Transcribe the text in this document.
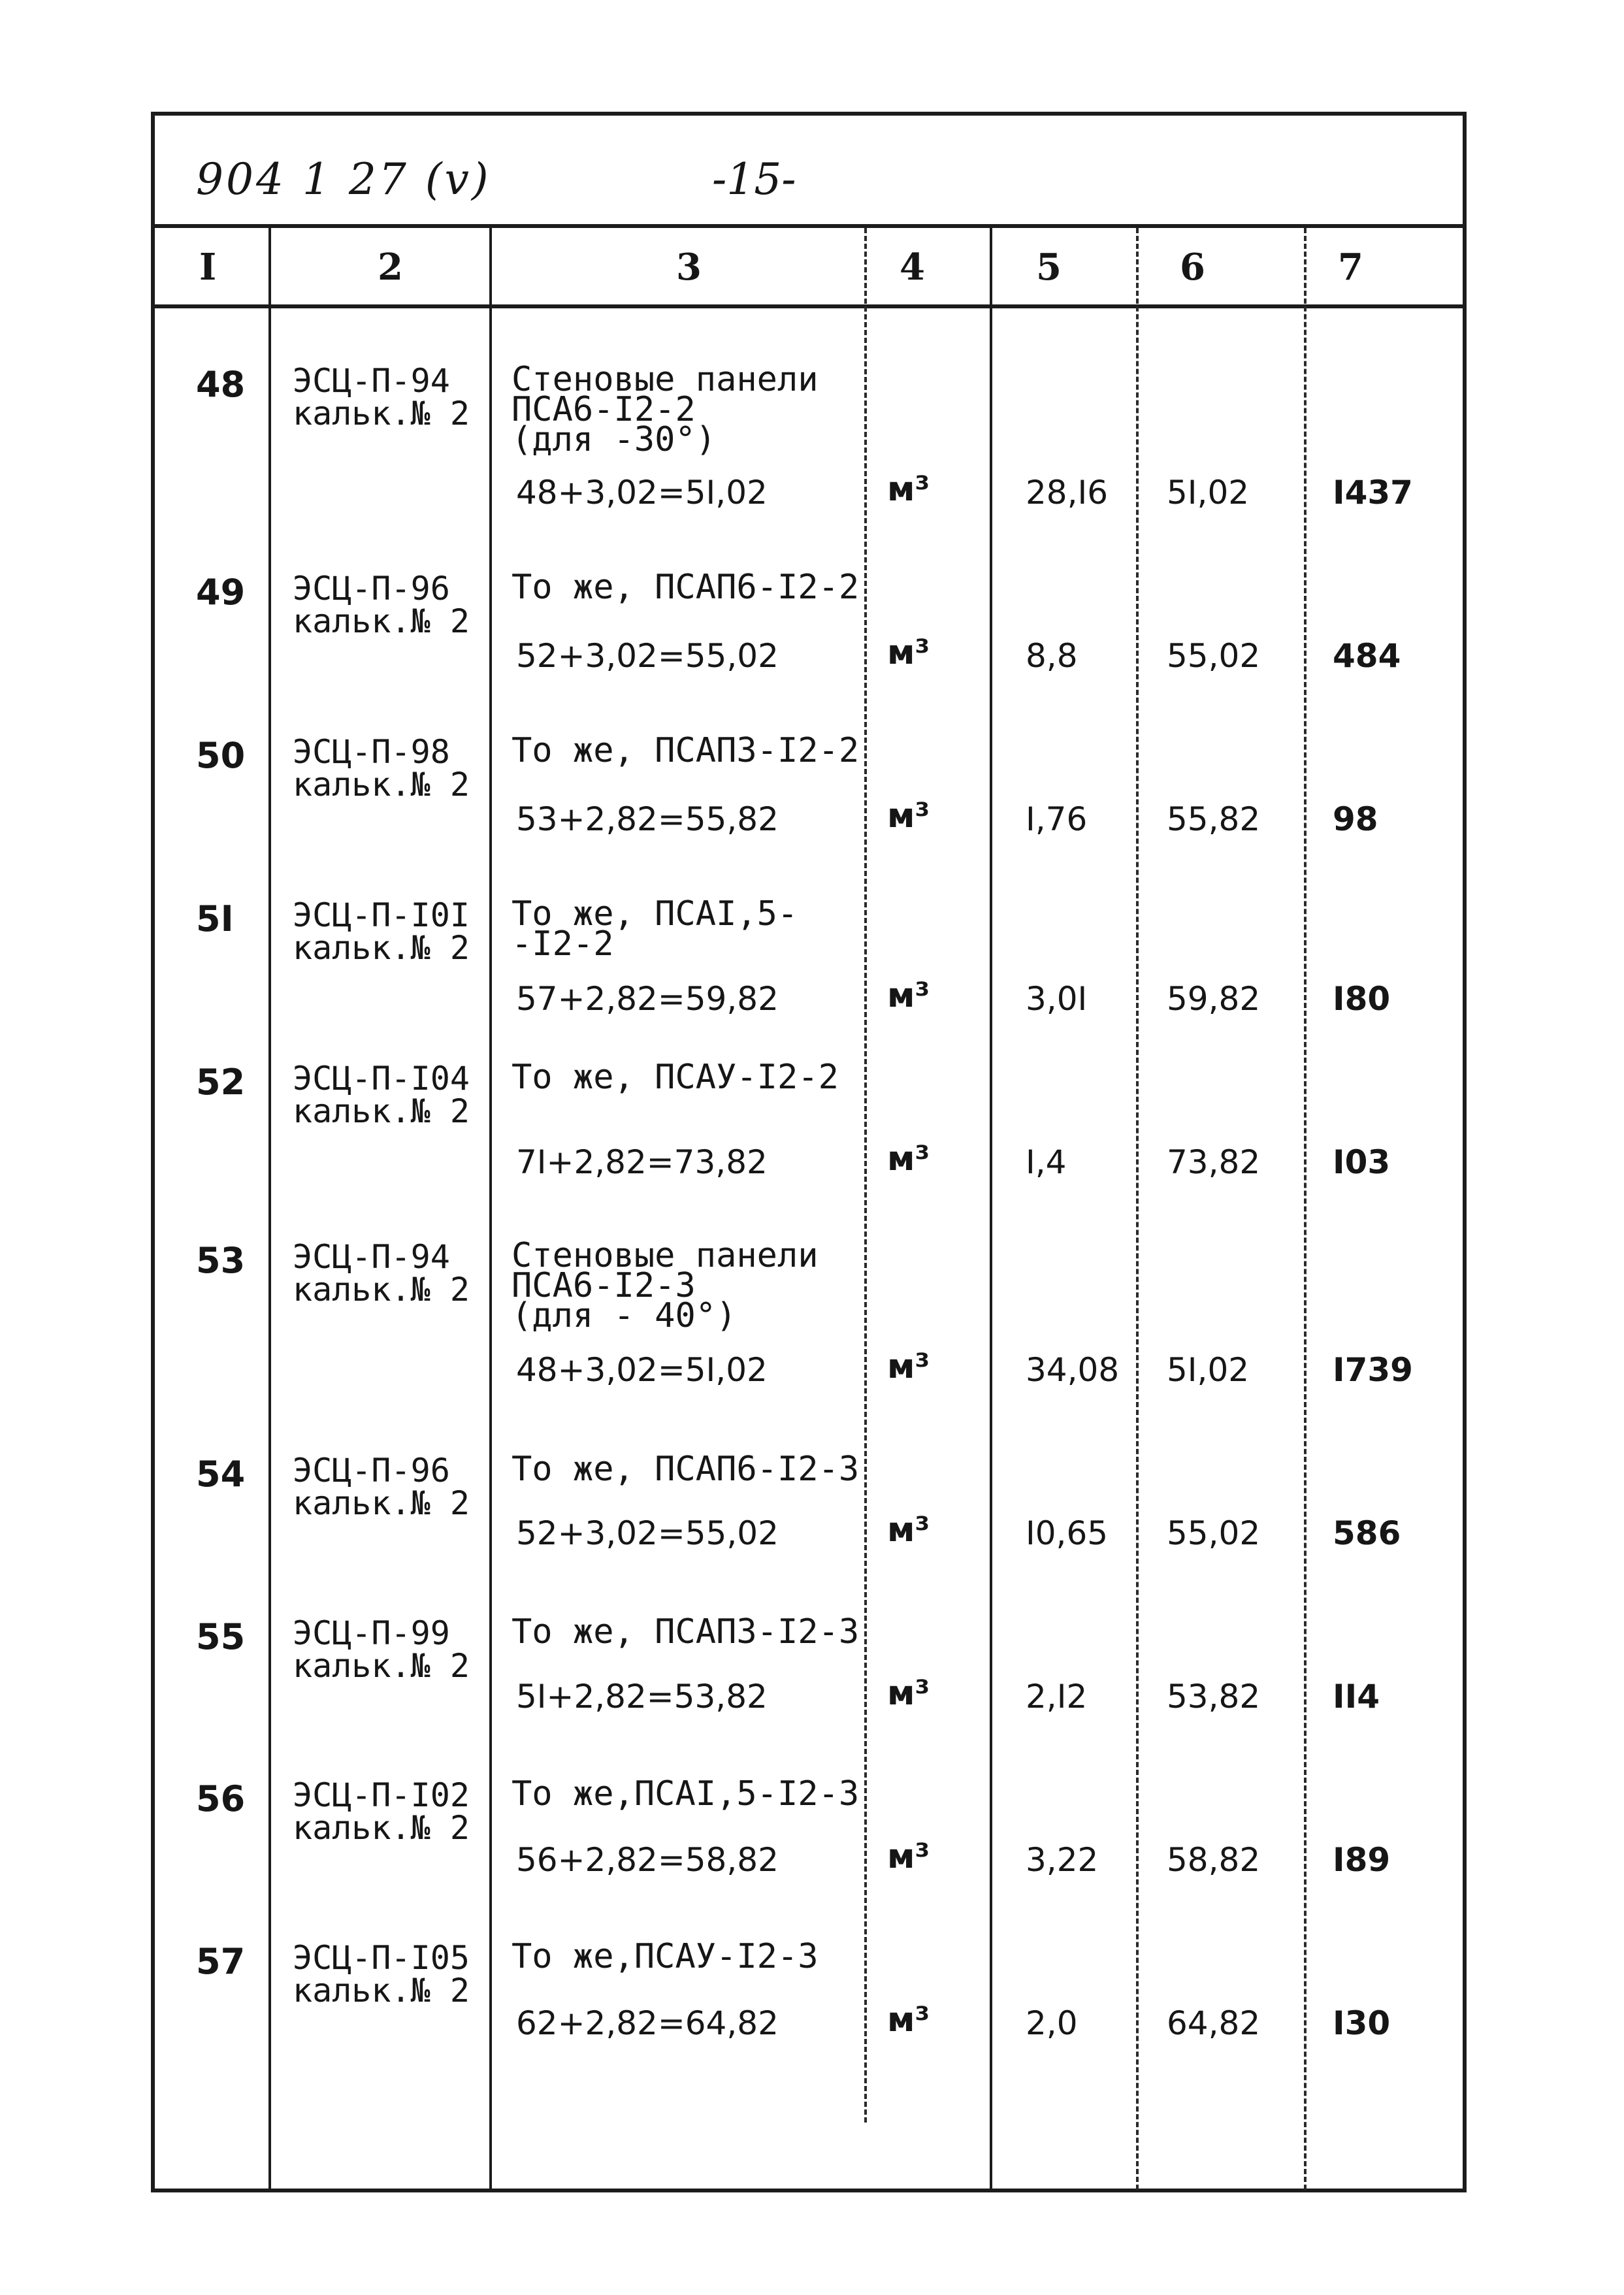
904 1 27 (v)	-15-
I	2	3	4	5	6	7
48 ЭСЦ-П-94
кальк.№ 2
Стеновые панели
ПСА6-I2-2
(для -30°)
48+3,02=5I,02	м³	28,I6 5I,02	I437
49 ЭСЦ-П-96
кальк.№ 2
То же, ПСАП6-I2-2
52+3,02=55,02	м³	8,8	55,02 484
50 ЭСЦ-П-98
кальк.№ 2
То же, ПСАП3-I2-2
53+2,82=55,82	м³	I,76 55,82 98
5I ЭСЦ-П-I0I
кальк.№ 2
То же, ПСАI,5-
-I2-2
57+2,82=59,82	м³	3,0I 59,82 I80
52 ЭСЦ-П-I04
кальк.№ 2
То же, ПСАУ-I2-2
7I+2,82=73,82	м³	I,4	73,82 I03
53 ЭСЦ-П-94
кальк.№ 2
Стеновые панели
ПСА6-I2-3
(для - 40°)
48+3,02=5I,02	м³	34,08 5I,02	I739
54 ЭСЦ-П-96
кальк.№ 2
То же, ПСАП6-I2-3
52+3,02=55,02	м³	I0,65 55,02 586
55 ЭСЦ-П-99
кальк.№ 2
То же, ПСАП3-I2-3
5I+2,82=53,82	м³	2,I2 53,82 II4
56 ЭСЦ-П-I02
кальк.№ 2
То же,ПСАI,5-I2-3
56+2,82=58,82	м³	3,22 58,82 I89
57 ЭСЦ-П-I05
кальк.№ 2
То же,ПСАУ-I2-3
62+2,82=64,82	м³	2,0	64,82 I30
